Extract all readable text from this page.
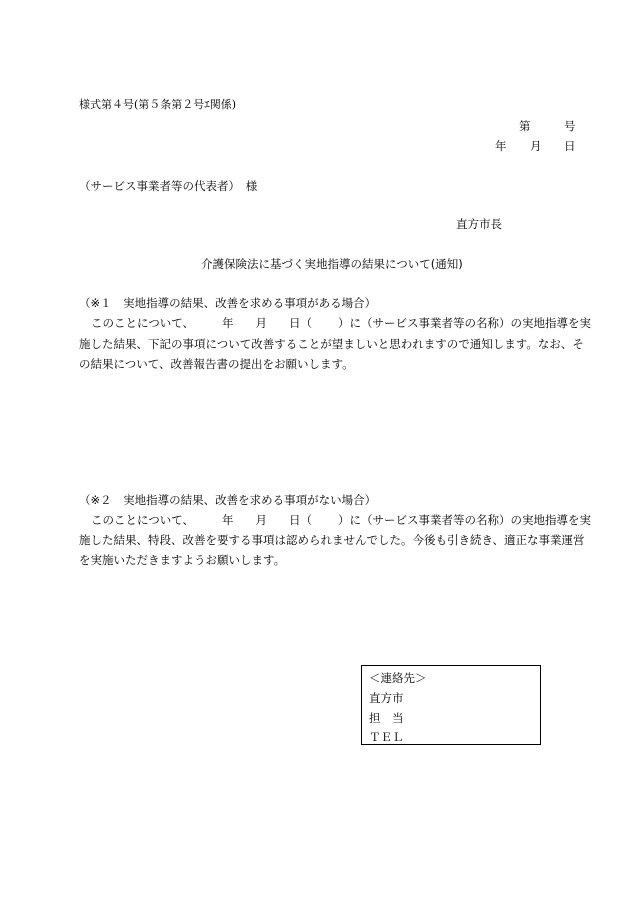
様式第４号(第５条第２号ｴ関係)
第	号
年 月 日
（サービス事業者等の代表者）　様
直方市長
介護保険法に基づく実地指導の結果について(通知)
（※１　実地指導の結果、改善を求める事項がある場合）
このことについて、 年 月 日（ ）に（サービス事業者等の名称）の実地指導を実
施した結果、下記の事項について改善することが望ましいと思われますので通知します。なお、そ
の結果について、改善報告書の提出をお願いします。
（※２　実地指導の結果、改善を求める事項がない場合）
このことについて、 年 月 日（ ）に（サービス事業者等の名称）の実地指導を実
施した結果、特段、改善を要する事項は認められませんでした。今後も引き続き、適正な事業運営
を実施いただきますようお願いします。
＜連絡先＞
直方市
担　当
ＴＥＬ
